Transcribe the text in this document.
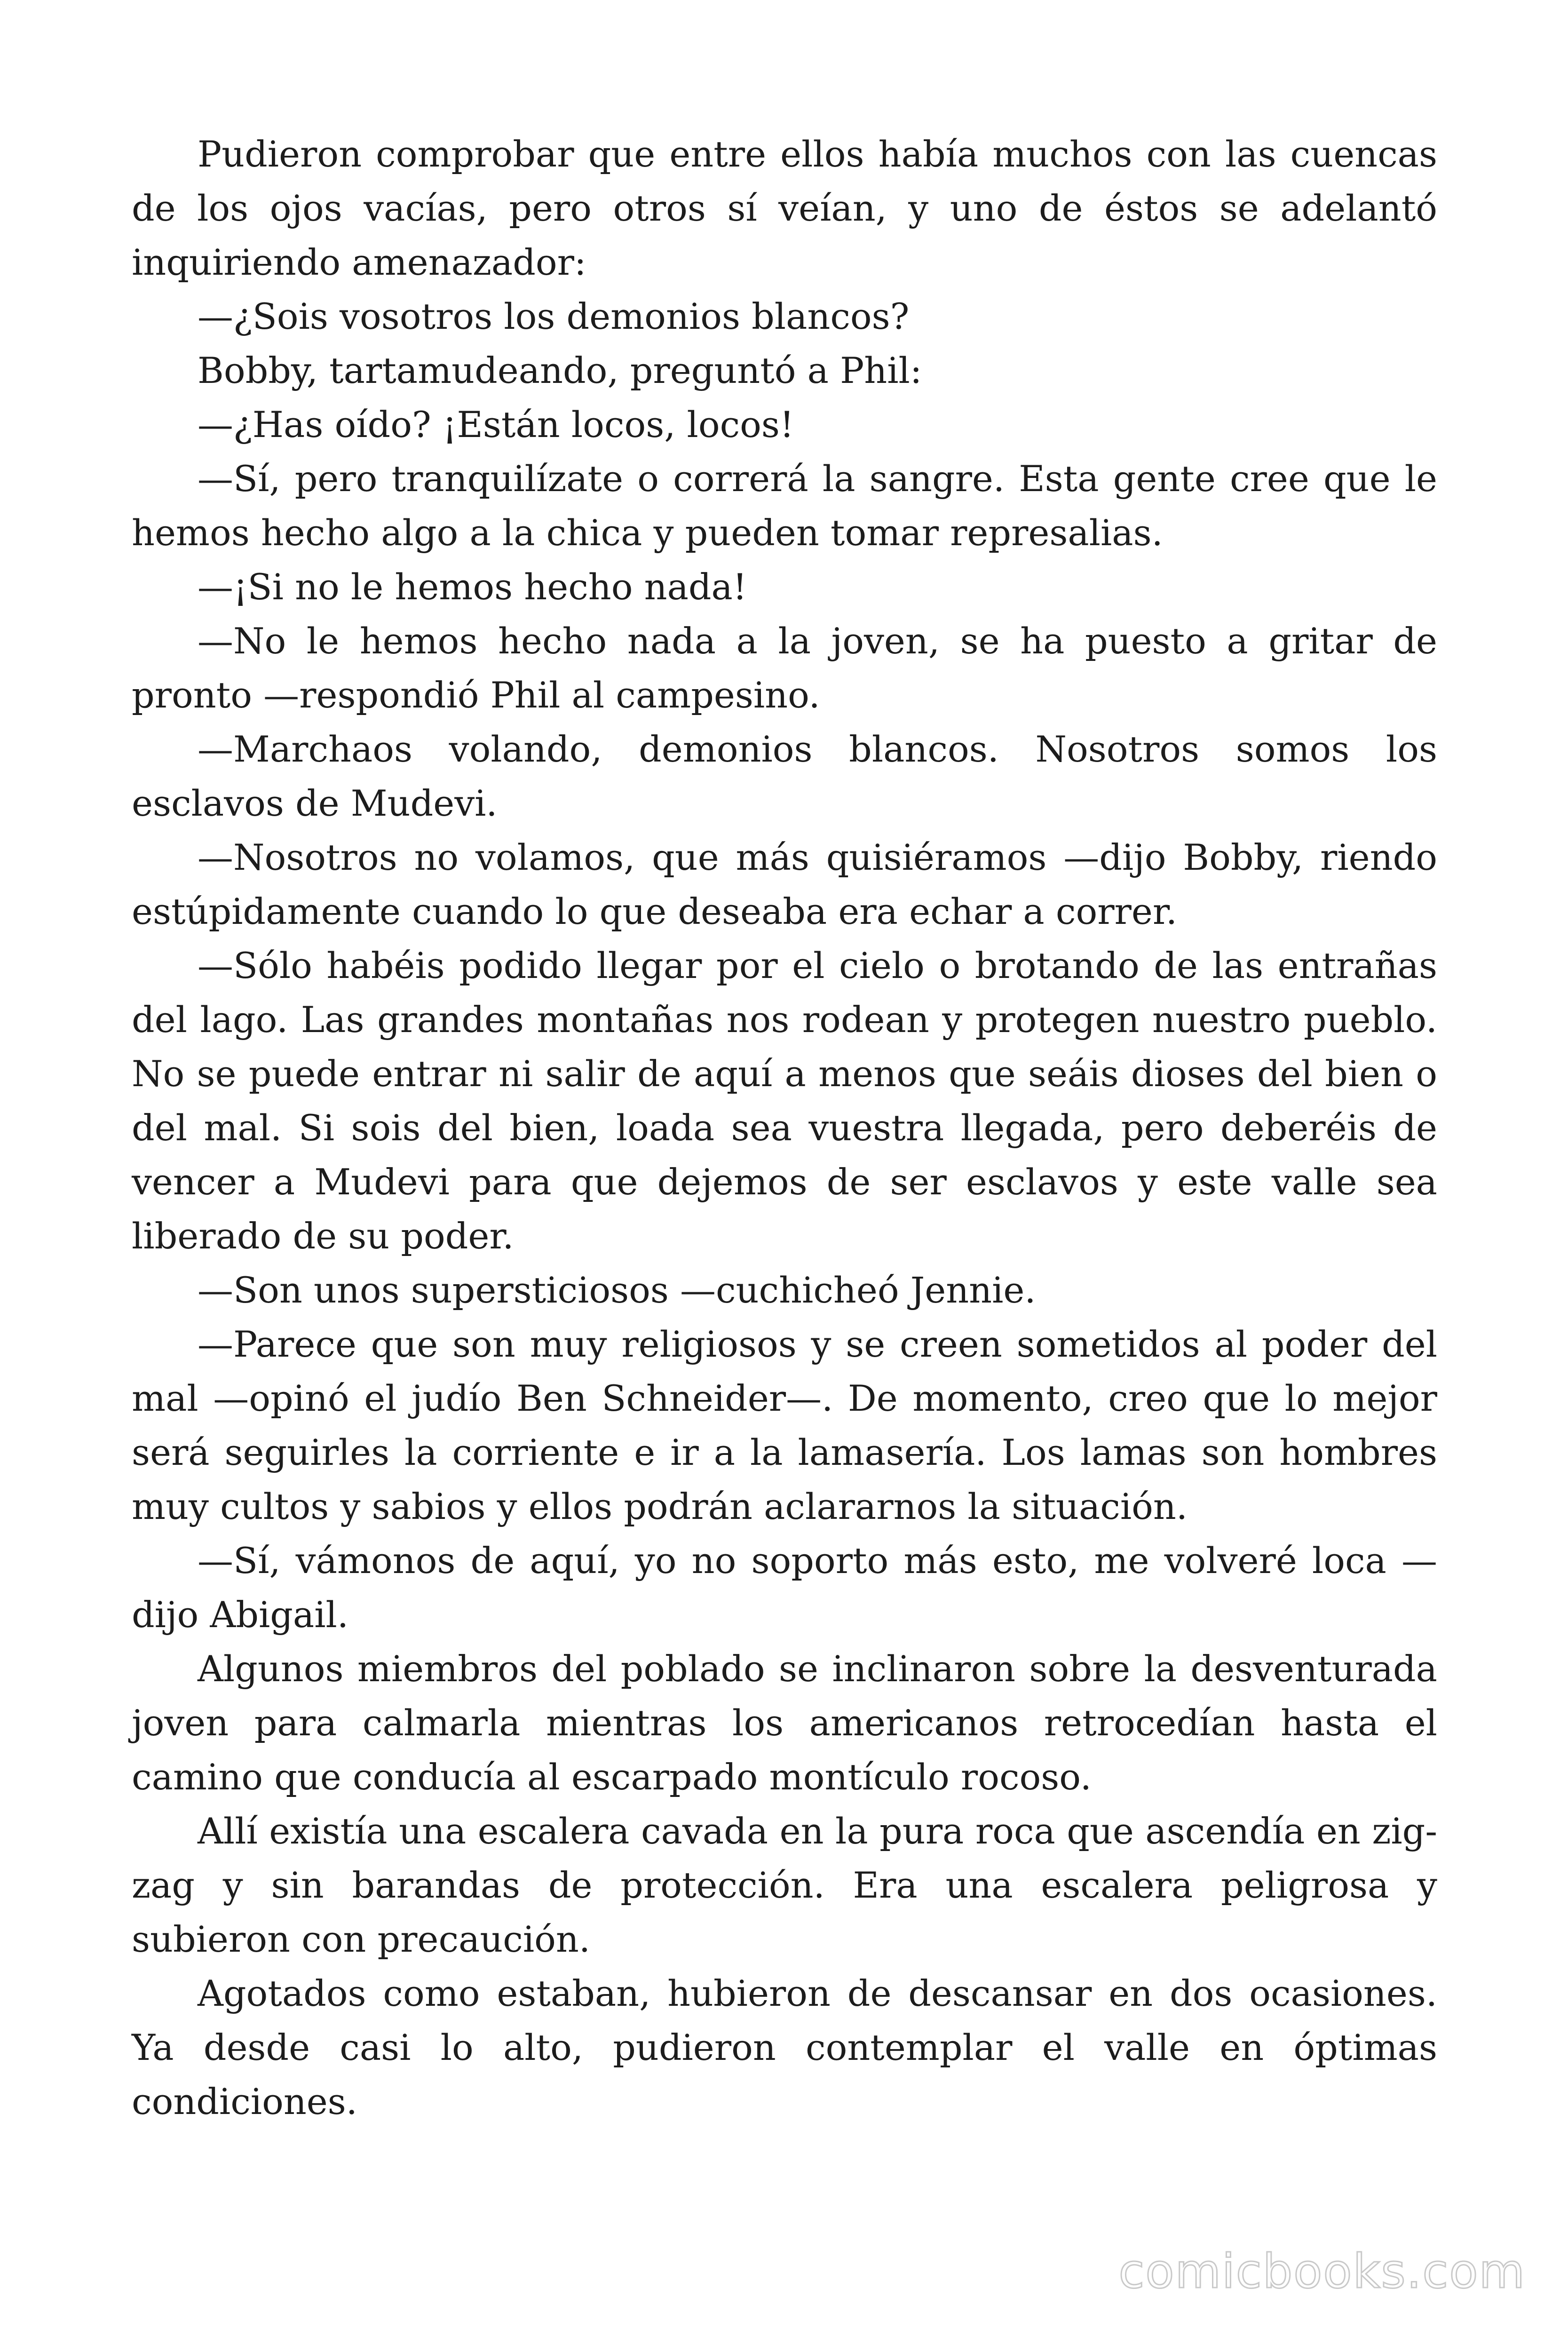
Pudieron comprobar que entre ellos había muchos con las cuencas de los ojos vacías, pero otros sí veían, y uno de éstos se adelantó inquiriendo amenazador:

—¿Sois vosotros los demonios blancos?

Bobby, tartamudeando, preguntó a Phil:

—¿Has oído? ¡Están locos, locos!

—Sí, pero tranquilízate o correrá la sangre. Esta gente cree que le hemos hecho algo a la chica y pueden tomar represalias.

—¡Si no le hemos hecho nada!

—No le hemos hecho nada a la joven, se ha puesto a gritar de pronto —respondió Phil al campesino.

—Marchaos volando, demonios blancos. Nosotros somos los esclavos de Mudevi.

—Nosotros no volamos, que más quisiéramos —dijo Bobby, riendo estúpidamente cuando lo que deseaba era echar a correr.

—Sólo habéis podido llegar por el cielo o brotando de las entrañas del lago. Las grandes montañas nos rodean y protegen nuestro pueblo. No se puede entrar ni salir de aquí a menos que seáis dioses del bien o del mal. Si sois del bien, loada sea vuestra llegada, pero deberéis de vencer a Mudevi para que dejemos de ser esclavos y este valle sea liberado de su poder.

—Son unos supersticiosos —cuchicheó Jennie.

—Parece que son muy religiosos y se creen sometidos al poder del mal —opinó el judío Ben Schneider—. De momento, creo que lo mejor será seguirles la corriente e ir a la lamasería. Los lamas son hombres muy cultos y sabios y ellos podrán aclararnos la situación.

—Sí, vámonos de aquí, yo no soporto más esto, me volveré loca —dijo Abigail.

Algunos miembros del poblado se inclinaron sobre la desventurada joven para calmarla mientras los americanos retrocedían hasta el camino que conducía al escarpado montículo rocoso.

Allí existía una escalera cavada en la pura roca que ascendía en zig-zag y sin barandas de protección. Era una escalera peligrosa y subieron con precaución.

Agotados como estaban, hubieron de descansar en dos ocasiones. Ya desde casi lo alto, pudieron contemplar el valle en óptimas condiciones.

comicbooks.com
